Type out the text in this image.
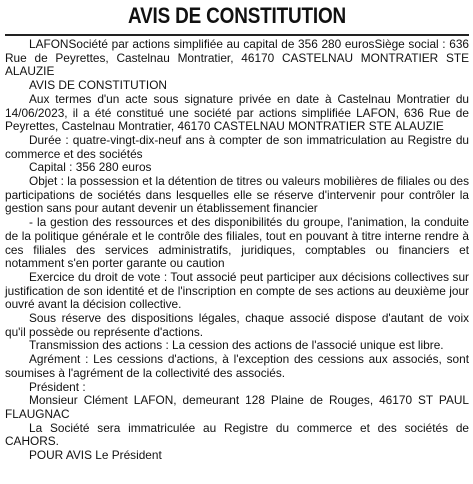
AVIS DE CONSTITUTION

LAFONSociété par actions simplifiée au capital de 356 280 eurosSiège social : 636 Rue de Peyrettes, Castelnau Montratier, 46170 CASTELNAU MONTRATIER STE ALAUZIE

AVIS DE CONSTITUTION

Aux termes d'un acte sous signature privée en date à Castelnau Montratier du 14/06/2023, il a été constitué une société par actions simplifiée LAFON, 636 Rue de Peyrettes, Castelnau Montratier, 46170 CASTELNAU MONTRATIER STE ALAUZIE

Durée : quatre-vingt-dix-neuf ans à compter de son immatriculation au Registre du commerce et des sociétés

Capital : 356 280 euros

Objet : la possession et la détention de titres ou valeurs mobilières de filiales ou des participations de sociétés dans lesquelles elle se réserve d'intervenir pour contrôler la gestion sans pour autant devenir un établissement financier

- la gestion des ressources et des disponibilités du groupe, l'animation, la conduite de la politique générale et le contrôle des filiales, tout en pouvant à titre interne rendre à ces filiales des services administratifs, juridiques, comptables ou financiers et notamment s'en porter garante ou caution

Exercice du droit de vote : Tout associé peut participer aux décisions collectives sur justification de son identité et de l'inscription en compte de ses actions au deuxième jour ouvré avant la décision collective.

Sous réserve des dispositions légales, chaque associé dispose d'autant de voix qu'il possède ou représente d'actions.

Transmission des actions : La cession des actions de l'associé unique est libre.

Agrément : Les cessions d'actions, à l'exception des cessions aux associés, sont soumises à l'agrément de la collectivité des associés.

Président :

Monsieur Clément LAFON, demeurant 128 Plaine de Rouges, 46170 ST PAUL FLAUGNAC

La Société sera immatriculée au Registre du commerce et des sociétés de CAHORS.

POUR AVIS Le Président
